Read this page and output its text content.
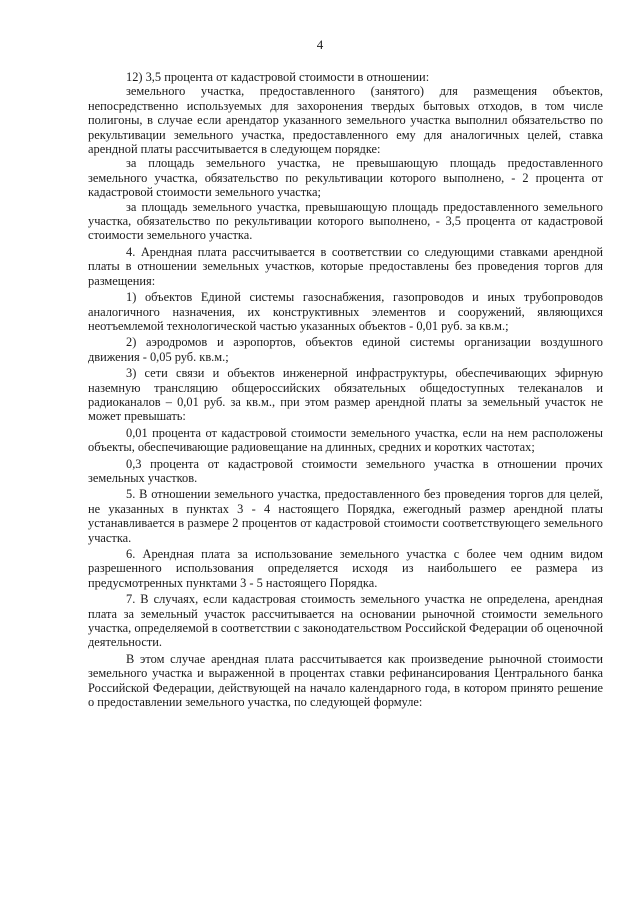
4

12) 3,5 процента от кадастровой стоимости в отношении:

земельного участка, предоставленного (занятого) для размещения объектов, непосредственно используемых для захоронения твердых бытовых отходов, в том числе полигоны, в случае если арендатор указанного земельного участка выполнил обязательство по рекультивации земельного участка, предоставленного ему для аналогичных целей, ставка арендной платы рассчитывается в следующем порядке:

за площадь земельного участка, не превышающую площадь предоставленного земельного участка, обязательство по рекультивации которого выполнено, - 2 процента от кадастровой стоимости земельного участка;

за площадь земельного участка, превышающую площадь предоставленного земельного участка, обязательство по рекультивации которого выполнено, - 3,5 процента от кадастровой стоимости земельного участка.

4. Арендная плата рассчитывается в соответствии со следующими ставками арендной платы в отношении земельных участков, которые предоставлены без проведения торгов для размещения:

1) объектов Единой системы газоснабжения, газопроводов и иных трубопроводов аналогичного назначения, их конструктивных элементов и сооружений, являющихся неотъемлемой технологической частью указанных объектов - 0,01 руб. за кв.м.;

2) аэродромов и аэропортов, объектов единой системы организации воздушного движения - 0,05 руб. кв.м.;

3) сети связи и объектов инженерной инфраструктуры, обеспечивающих эфирную наземную трансляцию общероссийских обязательных общедоступных телеканалов и радиоканалов – 0,01 руб. за кв.м., при этом размер арендной платы за земельный участок не может превышать:

0,01 процента от кадастровой стоимости земельного участка, если на нем расположены объекты, обеспечивающие радиовещание на длинных, средних и коротких частотах;

0,3 процента от кадастровой стоимости земельного участка в отношении прочих земельных участков.

5. В отношении земельного участка, предоставленного без проведения торгов для целей, не указанных в пунктах 3 - 4 настоящего Порядка, ежегодный размер арендной платы устанавливается в размере 2 процентов от кадастровой стоимости соответствующего земельного участка.

6. Арендная плата за использование земельного участка с более чем одним видом разрешенного использования определяется исходя из наибольшего ее размера из предусмотренных пунктами 3 - 5 настоящего Порядка.

7. В случаях, если кадастровая стоимость земельного участка не определена, арендная плата за земельный участок рассчитывается на основании рыночной стоимости земельного участка, определяемой в соответствии с законодательством Российской Федерации об оценочной деятельности.

В этом случае арендная плата рассчитывается как произведение рыночной стоимости земельного участка и выраженной в процентах ставки рефинансирования Центрального банка Российской Федерации, действующей на начало календарного года, в котором принято решение о предоставлении земельного участка, по следующей формуле:
